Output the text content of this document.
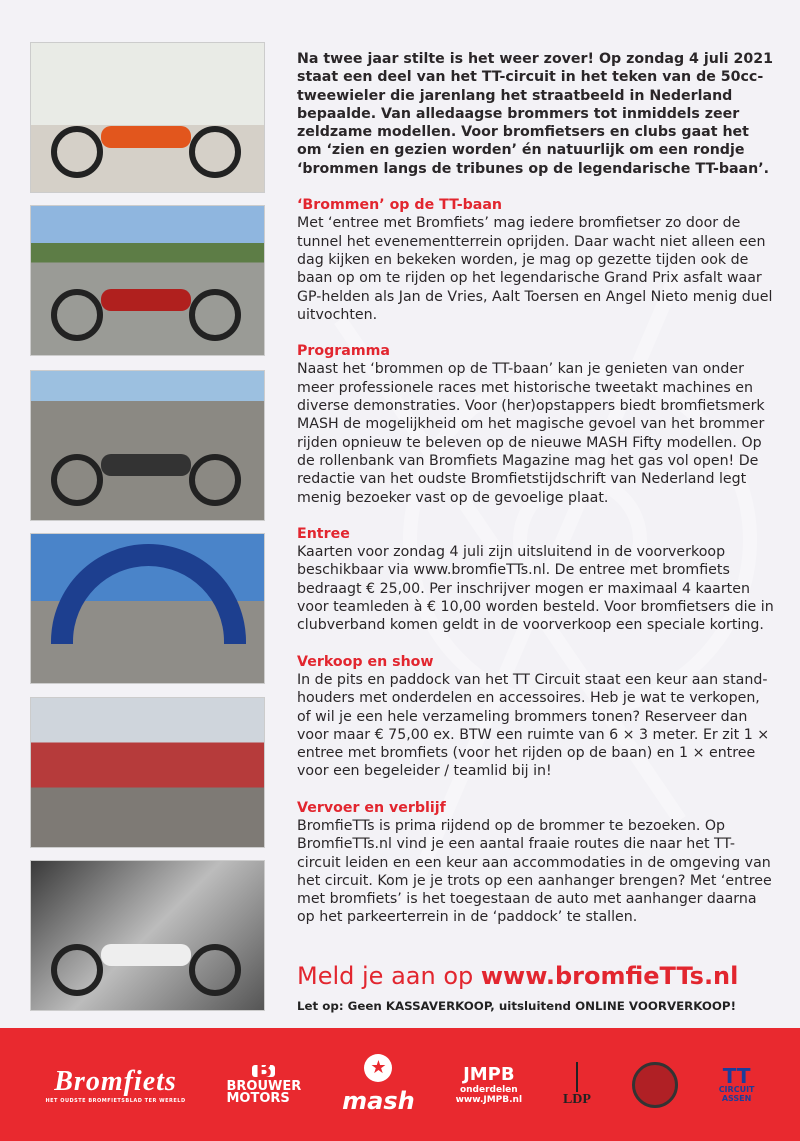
Na twee jaar stilte is het weer zover! Op zondag 4 juli 2021 staat een deel van het TT-circuit in het teken van de 50cc-tweewieler die jarenlang het straatbeeld in Nederland bepaalde. Van alledaagse brommers tot inmiddels zeer zeldzame modellen. Voor bromfietsers en clubs gaat het om ‘zien en gezien worden’ én natuurlijk om een rondje ‘brommen langs de tribunes op de legendarische TT-baan’.

‘Brommen’ op de TT-baan
Met ‘entree met Bromfiets’ mag iedere bromfietser zo door de tunnel het evenementterrein oprijden. Daar wacht niet alleen een dag kijken en bekeken worden, je mag op gezette tijden ook de baan op om te rijden op het legendarische Grand Prix asfalt waar GP-helden als Jan de Vries, Aalt Toersen en Angel Nieto menig duel uitvochten.

Programma
Naast het ‘brommen op de TT-baan’ kan je genieten van onder meer professionele races met historische tweetakt machines en diverse demonstraties. Voor (her)opstappers biedt bromfietsmerk MASH de mogelijkheid om het magische gevoel van het brommer rijden opnieuw te beleven op de nieuwe MASH Fifty modellen. Op de rollenbank van Bromfiets Magazine mag het gas vol open! De redactie van het oudste Bromfietstijdschrift van Nederland legt menig bezoeker vast op de gevoelige plaat.

Entree
Kaarten voor zondag 4 juli zijn uitsluitend in de voorverkoop beschikbaar via www.bromfieTTs.nl. De entree met bromfiets bedraagt € 25,00. Per inschrijver mogen er maximaal 4 kaarten voor teamleden à € 10,00 worden besteld. Voor bromfietsers die in clubverband komen geldt in de voorverkoop een speciale korting.

Verkoop en show
In de pits en paddock van het TT Circuit staat een keur aan standhouders met onderdelen en accessoires. Heb je wat te verkopen, of wil je een hele verzameling brommers tonen? Reserveer dan voor maar € 75,00 ex. BTW een ruimte van 6 × 3 meter. Er zit 1 × entree met bromfiets (voor het rijden op de baan) en 1 × entree voor een begeleider / teamlid bij in!

Vervoer en verblijf
BromfieTTs is prima rijdend op de brommer te bezoeken. Op BromfieTTs.nl vind je een aantal fraaie routes die naar het TT-circuit leiden en een keur aan accommodaties in de omgeving van het circuit. Kom je je trots op een aanhanger brengen? Met ‘entree met bromfiets’ is het toegestaan de auto met aanhanger daarna op het parkeerterrein in de ‘paddock’ te stallen.

Meld je aan op www.bromfieTTs.nl
Let op: Geen KASSAVERKOOP, uitsluitend ONLINE VOORVERKOOP!
Bromfiets
HET OUDSTE BROMFIETSBLAD TER WERELD
B
BROUWER
MOTORS
★
mash
JMPB
onderdelen
www.JMPB.nl	LDP
TT
CIRCUIT
ASSEN
